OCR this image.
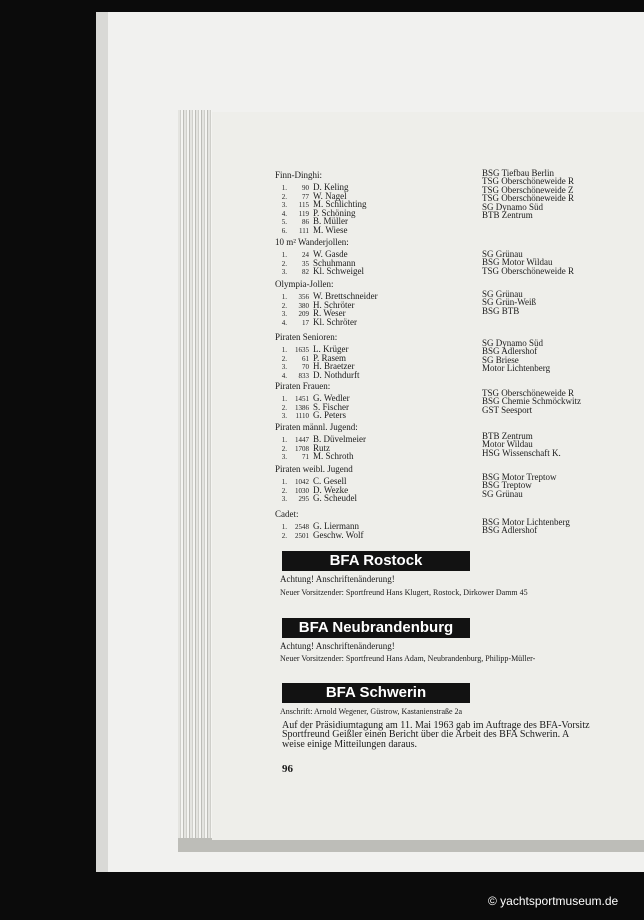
Finn-Dinghi:
1. 90 D. Keling
2. 77 W. Nagel
3. 115 M. Schlichting
4. 119 P. Schöning
5. 86 B. Müller
6. 111 M. Wiese
BSG Tiefbau Berlin
TSG Oberschöneweide R
TSG Oberschöneweide Z
TSG Oberschöneweide R
SG Dynamo Süd
BTB Zentrum
10 m² Wanderjollen:
1. 24 W. Gasde
2. 35 Schuhmann
3. 82 Kl. Schweigel
SG Grünau
BSG Motor Wildau
TSG Oberschöneweide R
Olympia-Jollen:
1. 356 W. Brettschneider
2. 380 H. Schröter
3. 209 R. Weser
4. 17 Kl. Schröter
SG Grünau
SG Grün-Weiß
BSG BTB
Piraten Senioren:
1. 1635 L. Krüger
2. 61 P. Rasem
3. 70 H. Braetzer
4. 833 D. Nothdurft
SG Dynamo Süd
BSG Adlershof
SG Briese
Motor Lichtenberg
Piraten Frauen:
1. 1451 G. Wedler
2. 1386 S. Fischer
3. 1110 G. Peters
TSG Oberschöneweide R
BSG Chemie Schmöckwitz
GST Seesport
Piraten männl. Jugend:
1. 1447 B. Düvelmeier
2. 1708 Rutz
3. 71 M. Schroth
BTB Zentrum
Motor Wildau
HSG Wissenschaft K.
Piraten weibl. Jugend
1. 1042 C. Gesell
2. 1030 D. Wezke
3. 295 G. Scheudel
BSG Motor Treptow
BSG Treptow
SG Grünau
Cadet:
1. 2548 G. Liermann
2. 2501 Geschw. Wolf
BSG Motor Lichtenberg
BSG Adlershof
BFA Rostock
Achtung! Anschriftenänderung!
Neuer Vorsitzender: Sportfreund Hans Klugert, Rostock, Dirkower Damm 45
BFA Neubrandenburg
Achtung! Anschriftenänderung!
Neuer Vorsitzender: Sportfreund Hans Adam, Neubrandenburg, Philipp-Müller-
BFA Schwerin
Anschrift: Arnold Wegener, Güstrow, Kastanienstraße 2a
Auf der Präsidiumtagung am 11. Mai 1963 gab im Auftrage des BFA-Vorsitz
Sportfreund Geißler einen Bericht über die Arbeit des BFA Schwerin. A
weise einige Mitteilungen daraus.
96
© yachtsportmuseum.de
